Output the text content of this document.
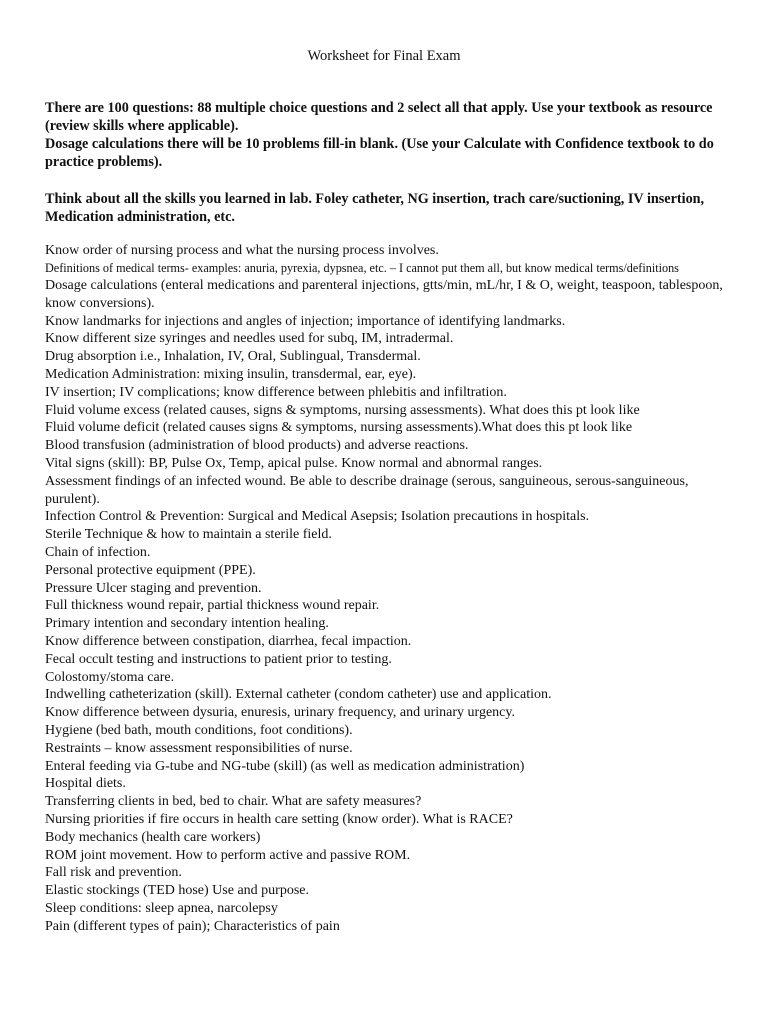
Worksheet for Final Exam

There are 100 questions: 88 multiple choice questions and 2 select all that apply. Use your textbook as resource (review skills where applicable).

Dosage calculations there will be 10 problems fill-in blank. (Use your Calculate with Confidence textbook to do practice problems).

Think about all the skills you learned in lab. Foley catheter, NG insertion, trach care/suctioning, IV insertion, Medication administration, etc.

Know order of nursing process and what the nursing process involves.
Definitions of medical terms- examples: anuria, pyrexia, dypsnea, etc. – I cannot put them all, but know medical terms/definitions
Dosage calculations (enteral medications and parenteral injections, gtts/min, mL/hr, I & O, weight, teaspoon, tablespoon, know conversions).
Know landmarks for injections and angles of injection; importance of identifying landmarks.
Know different size syringes and needles used for subq, IM, intradermal.
Drug absorption i.e., Inhalation, IV, Oral, Sublingual, Transdermal.
Medication Administration: mixing insulin, transdermal, ear, eye).
IV insertion; IV complications; know difference between phlebitis and infiltration.
Fluid volume excess (related causes, signs & symptoms, nursing assessments). What does this pt look like
Fluid volume deficit (related causes signs & symptoms, nursing assessments).What does this pt look like
Blood transfusion (administration of blood products) and adverse reactions.
Vital signs (skill): BP, Pulse Ox, Temp, apical pulse. Know normal and abnormal ranges.
Assessment findings of an infected wound. Be able to describe drainage (serous, sanguineous, serous-sanguineous, purulent).
Infection Control & Prevention: Surgical and Medical Asepsis; Isolation precautions in hospitals.
Sterile Technique & how to maintain a sterile field.
Chain of infection.
Personal protective equipment (PPE).
Pressure Ulcer staging and prevention.
Full thickness wound repair, partial thickness wound repair.
Primary intention and secondary intention healing.
Know difference between constipation, diarrhea, fecal impaction.
Fecal occult testing and instructions to patient prior to testing.
Colostomy/stoma care.
Indwelling catheterization (skill). External catheter (condom catheter) use and application.
Know difference between dysuria, enuresis, urinary frequency, and urinary urgency.
Hygiene (bed bath, mouth conditions, foot conditions).
Restraints – know assessment responsibilities of nurse.
Enteral feeding via G-tube and NG-tube (skill) (as well as medication administration)
Hospital diets.
Transferring clients in bed, bed to chair. What are safety measures?
Nursing priorities if fire occurs in health care setting (know order). What is RACE?
Body mechanics (health care workers)
ROM joint movement. How to perform active and passive ROM.
Fall risk and prevention.
Elastic stockings (TED hose) Use and purpose.
Sleep conditions: sleep apnea, narcolepsy
Pain (different types of pain); Characteristics of pain
